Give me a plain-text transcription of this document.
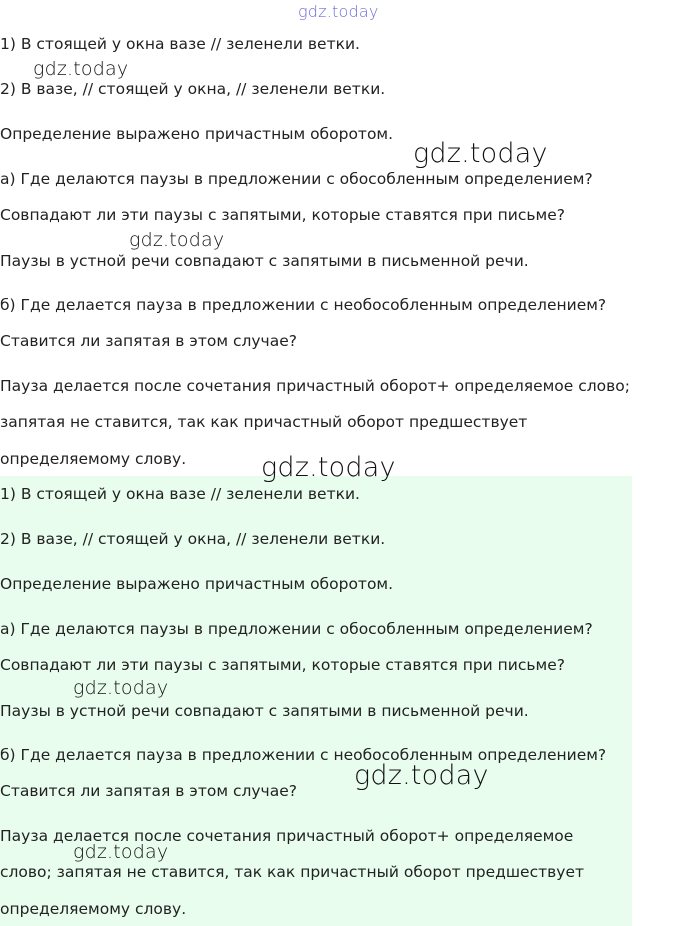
1) В стоящей у окна вазе // зеленели ветки.
2) В вазе, // стоящей у окна, // зеленели ветки.
Определение выражено причастным оборотом.
а) Где делаются паузы в предложении с обособленным определением?
Совпадают ли эти паузы с запятыми, которые ставятся при письме?
Паузы в устной речи совпадают с запятыми в письменной речи.
б) Где делается пауза в предложении с необособленным определением?
Ставится ли запятая в этом случае?
Пауза делается после сочетания причастный оборот+ определяемое слово;
запятая не ставится, так как причастный оборот предшествует
определяемому слову.
1) В стоящей у окна вазе // зеленели ветки.
2) В вазе, // стоящей у окна, // зеленели ветки.
Определение выражено причастным оборотом.
а) Где делаются паузы в предложении с обособленным определением?
Совпадают ли эти паузы с запятыми, которые ставятся при письме?
Паузы в устной речи совпадают с запятыми в письменной речи.
б) Где делается пауза в предложении с необособленным определением?
Ставится ли запятая в этом случае?
Пауза делается после сочетания причастный оборот+ определяемое
слово; запятая не ставится, так как причастный оборот предшествует
определяемому слову.
gdz.today
gdz.today
gdz.today
gdz.today
gdz.today
gdz.today
gdz.today
gdz.today
